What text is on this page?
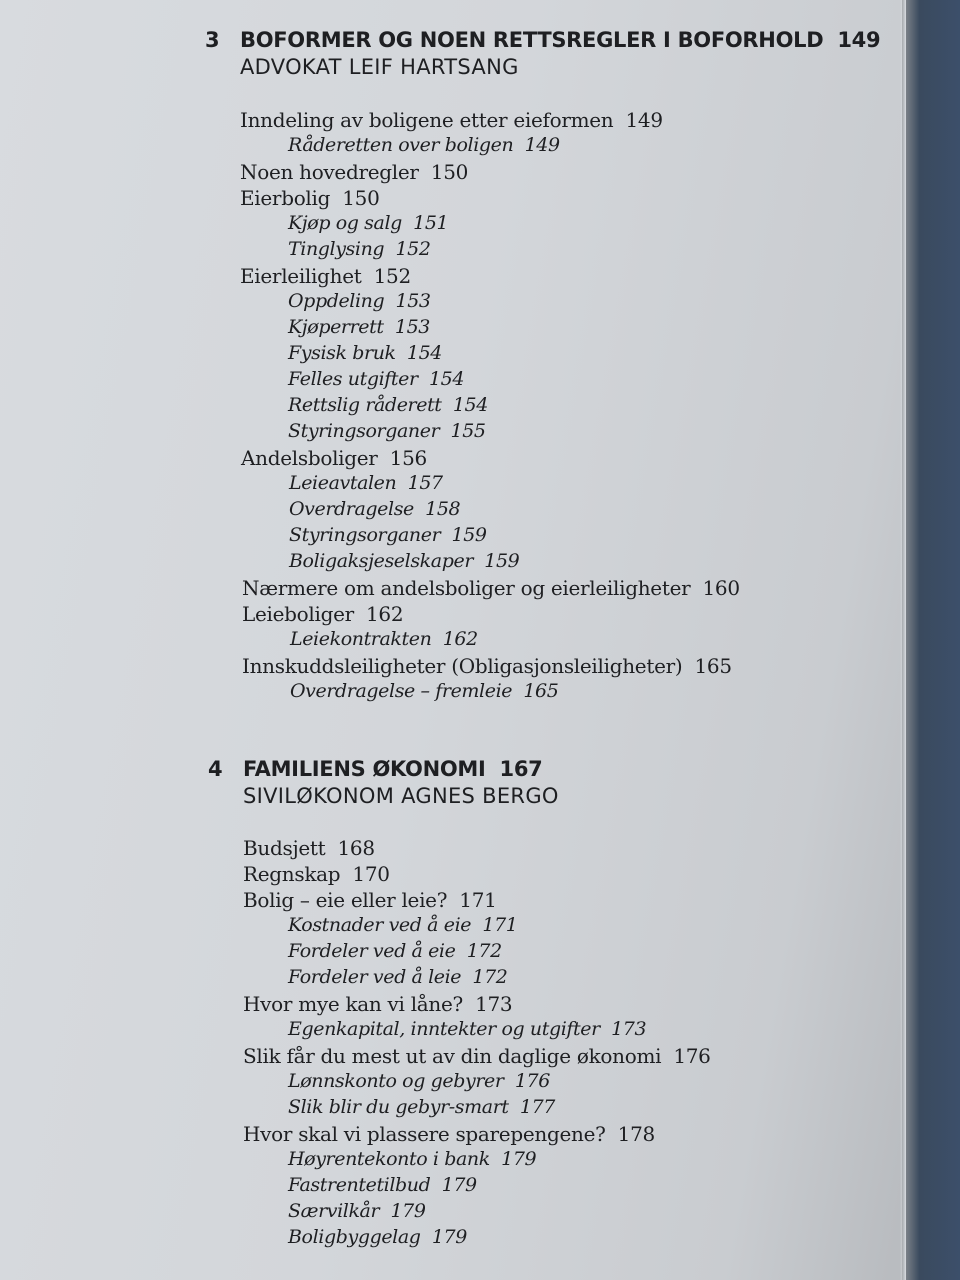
3 BOFORMER OG NOEN RETTSREGLER I BOFORHOLD 149
ADVOKAT LEIF HARTSANG
Inndeling av boligene etter eieformen  149
Råderetten over boligen  149
Noen hovedregler  150
Eierbolig  150
Kjøp og salg  151
Tinglysing  152
Eierleilighet  152
Oppdeling  153
Kjøperrett  153
Fysisk bruk  154
Felles utgifter  154
Rettslig råderett  154
Styringsorganer  155
Andelsboliger  156
Leieavtalen  157
Overdragelse  158
Styringsorganer  159
Boligaksjeselskaper  159
Nærmere om andelsboliger og eierleiligheter  160
Leieboliger  162
Leiekontrakten  162
Innskuddsleiligheter (Obligasjonsleiligheter)  165
Overdragelse – fremleie  165
4 FAMILIENS ØKONOMI 167
SIVILØKONOM AGNES BERGO
Budsjett  168
Regnskap  170
Bolig – eie eller leie?  171
Kostnader ved å eie  171
Fordeler ved å eie  172
Fordeler ved å leie  172
Hvor mye kan vi låne?  173
Egenkapital, inntekter og utgifter  173
Slik får du mest ut av din daglige økonomi  176
Lønnskonto og gebyrer  176
Slik blir du gebyr-smart  177
Hvor skal vi plassere sparepengene?  178
Høyrentekonto i bank  179
Fastrentetilbud  179
Særvilkår  179
Boligbyggelag  179
